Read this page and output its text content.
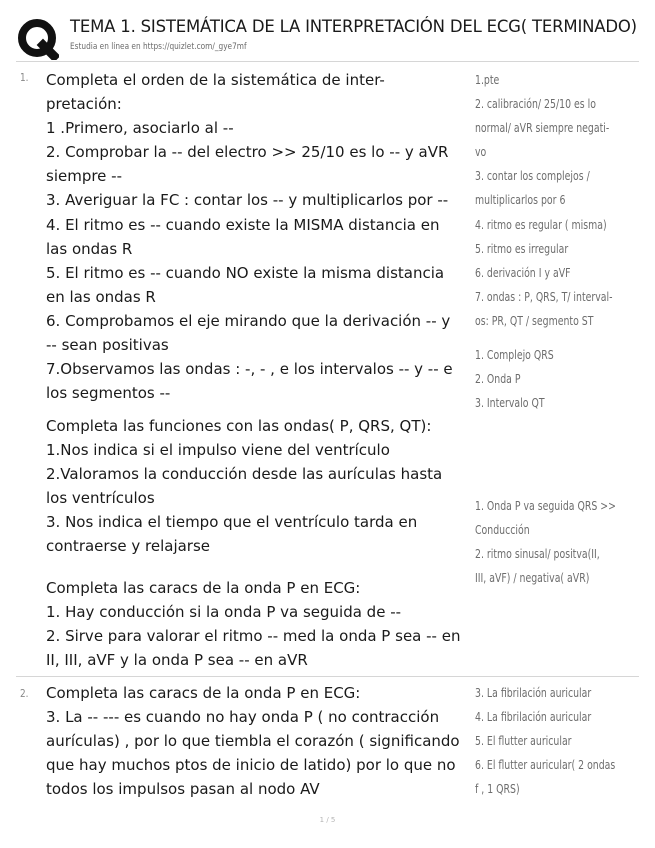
TEMA 1. SISTEMÁTICA DE LA INTERPRETACIÓN DEL ECG( TERMINADO)
Estudia en línea en https://quizlet.com/_gye7mf
1. Completa el orden de la sistemática de inter-
pretación:
1 .Primero, asociarlo al --
2. Comprobar la -- del electro >> 25/10 es lo -- y aVR
siempre --
3. Averiguar la FC : contar los -- y multiplicarlos por --
4. El ritmo es -- cuando existe la MISMA distancia en
las ondas R
5. El ritmo es -- cuando NO existe la misma distancia
en las ondas R
6. Comprobamos el eje mirando que la derivación -- y
-- sean positivas
7.Observamos las ondas : -, - , e los intervalos -- y -- e
los segmentos --
Completa las funciones con las ondas( P, QRS, QT):
1.Nos indica si el impulso viene del ventrículo
2.Valoramos la conducción desde las aurículas hasta
los ventrículos
3. Nos indica el tiempo que el ventrículo tarda en
contraerse y relajarse
Completa las caracs de la onda P en ECG:
1. Hay conducción si la onda P va seguida de --
2. Sirve para valorar el ritmo -- med la onda P sea -- en
II, III, aVF y la onda P sea -- en aVR
1.pte
2. calibración/ 25/10 es lo
normal/ aVR siempre negati-
vo
3. contar los complejos /
multiplicarlos por 6
4. ritmo es regular ( misma)
5. ritmo es irregular
6. derivación I y aVF
7. ondas : P, QRS, T/ interval-
os: PR, QT / segmento ST
1. Complejo QRS
2. Onda P
3. Intervalo QT
1. Onda P va seguida QRS >>
Conducción
2. ritmo sinusal/ positva(II,
III, aVF) / negativa( aVR)
2. Completa las caracs de la onda P en ECG:
3. La -- --- es cuando no hay onda P ( no contracción
aurículas) , por lo que tiembla el corazón ( significando
que hay muchos ptos de inicio de latido) por lo que no
todos los impulsos pasan al nodo AV
3. La fibrilación auricular
4. La fibrilación auricular
5. El flutter auricular
6. El flutter auricular( 2 ondas
f , 1 QRS)
1 / 5
